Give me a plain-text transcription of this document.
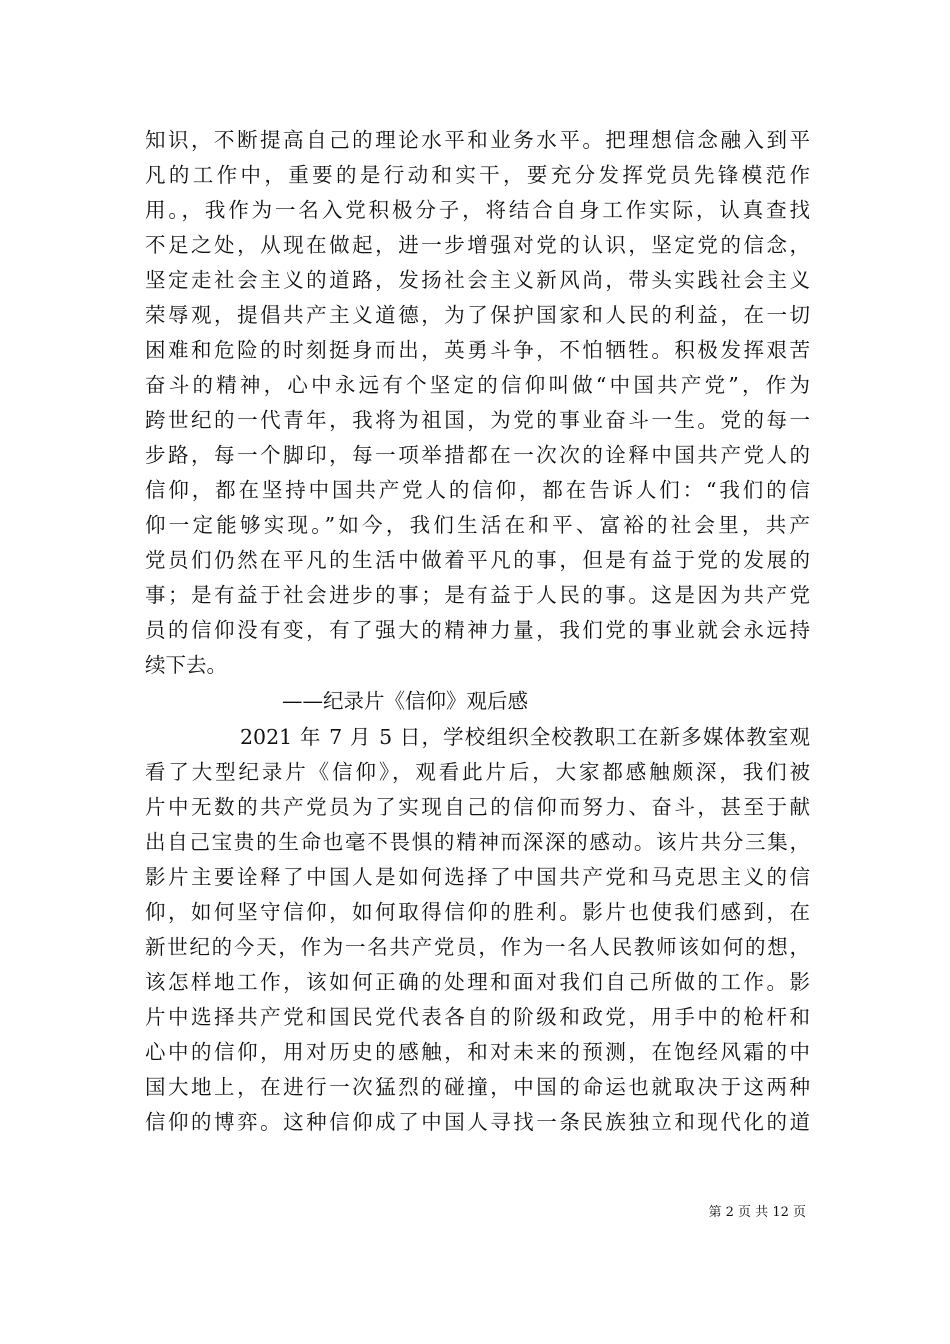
知识，不断提高自己的理论水平和业务水平。把理想信念融入到平
凡的工作中，重要的是行动和实干，要充分发挥党员先锋模范作
用。，我作为一名入党积极分子，将结合自身工作实际，认真查找
不足之处，从现在做起，进一步增强对党的认识，坚定党的信念，
坚定走社会主义的道路，发扬社会主义新风尚，带头实践社会主义
荣辱观，提倡共产主义道德，为了保护国家和人民的利益，在一切
困难和危险的时刻挺身而出，英勇斗争，不怕牺牲。积极发挥艰苦
奋斗的精神，心中永远有个坚定的信仰叫做“中国共产党”，作为
跨世纪的一代青年，我将为祖国，为党的事业奋斗一生。党的每一
步路，每一个脚印，每一项举措都在一次次的诠释中国共产党人的
信仰，都在坚持中国共产党人的信仰，都在告诉人们：“我们的信
仰一定能够实现。”如今，我们生活在和平、富裕的社会里，共产
党员们仍然在平凡的生活中做着平凡的事，但是有益于党的发展的
事；是有益于社会进步的事；是有益于人民的事。这是因为共产党
员的信仰没有变，有了强大的精神力量，我们党的事业就会永远持
续下去。
——纪录片《信仰》观后感
2021 年 7 月 5 日，学校组织全校教职工在新多媒体教室观
看了大型纪录片《信仰》，观看此片后，大家都感触颇深，我们被
片中无数的共产党员为了实现自己的信仰而努力、奋斗，甚至于献
出自己宝贵的生命也毫不畏惧的精神而深深的感动。该片共分三集，
影片主要诠释了中国人是如何选择了中国共产党和马克思主义的信
仰，如何坚守信仰，如何取得信仰的胜利。影片也使我们感到，在
新世纪的今天，作为一名共产党员，作为一名人民教师该如何的想，
该怎样地工作，该如何正确的处理和面对我们自己所做的工作。影
片中选择共产党和国民党代表各自的阶级和政党，用手中的枪杆和
心中的信仰，用对历史的感触，和对未来的预测，在饱经风霜的中
国大地上，在进行一次猛烈的碰撞，中国的命运也就取决于这两种
信仰的博弈。这种信仰成了中国人寻找一条民族独立和现代化的道
第 2 页 共 12 页
